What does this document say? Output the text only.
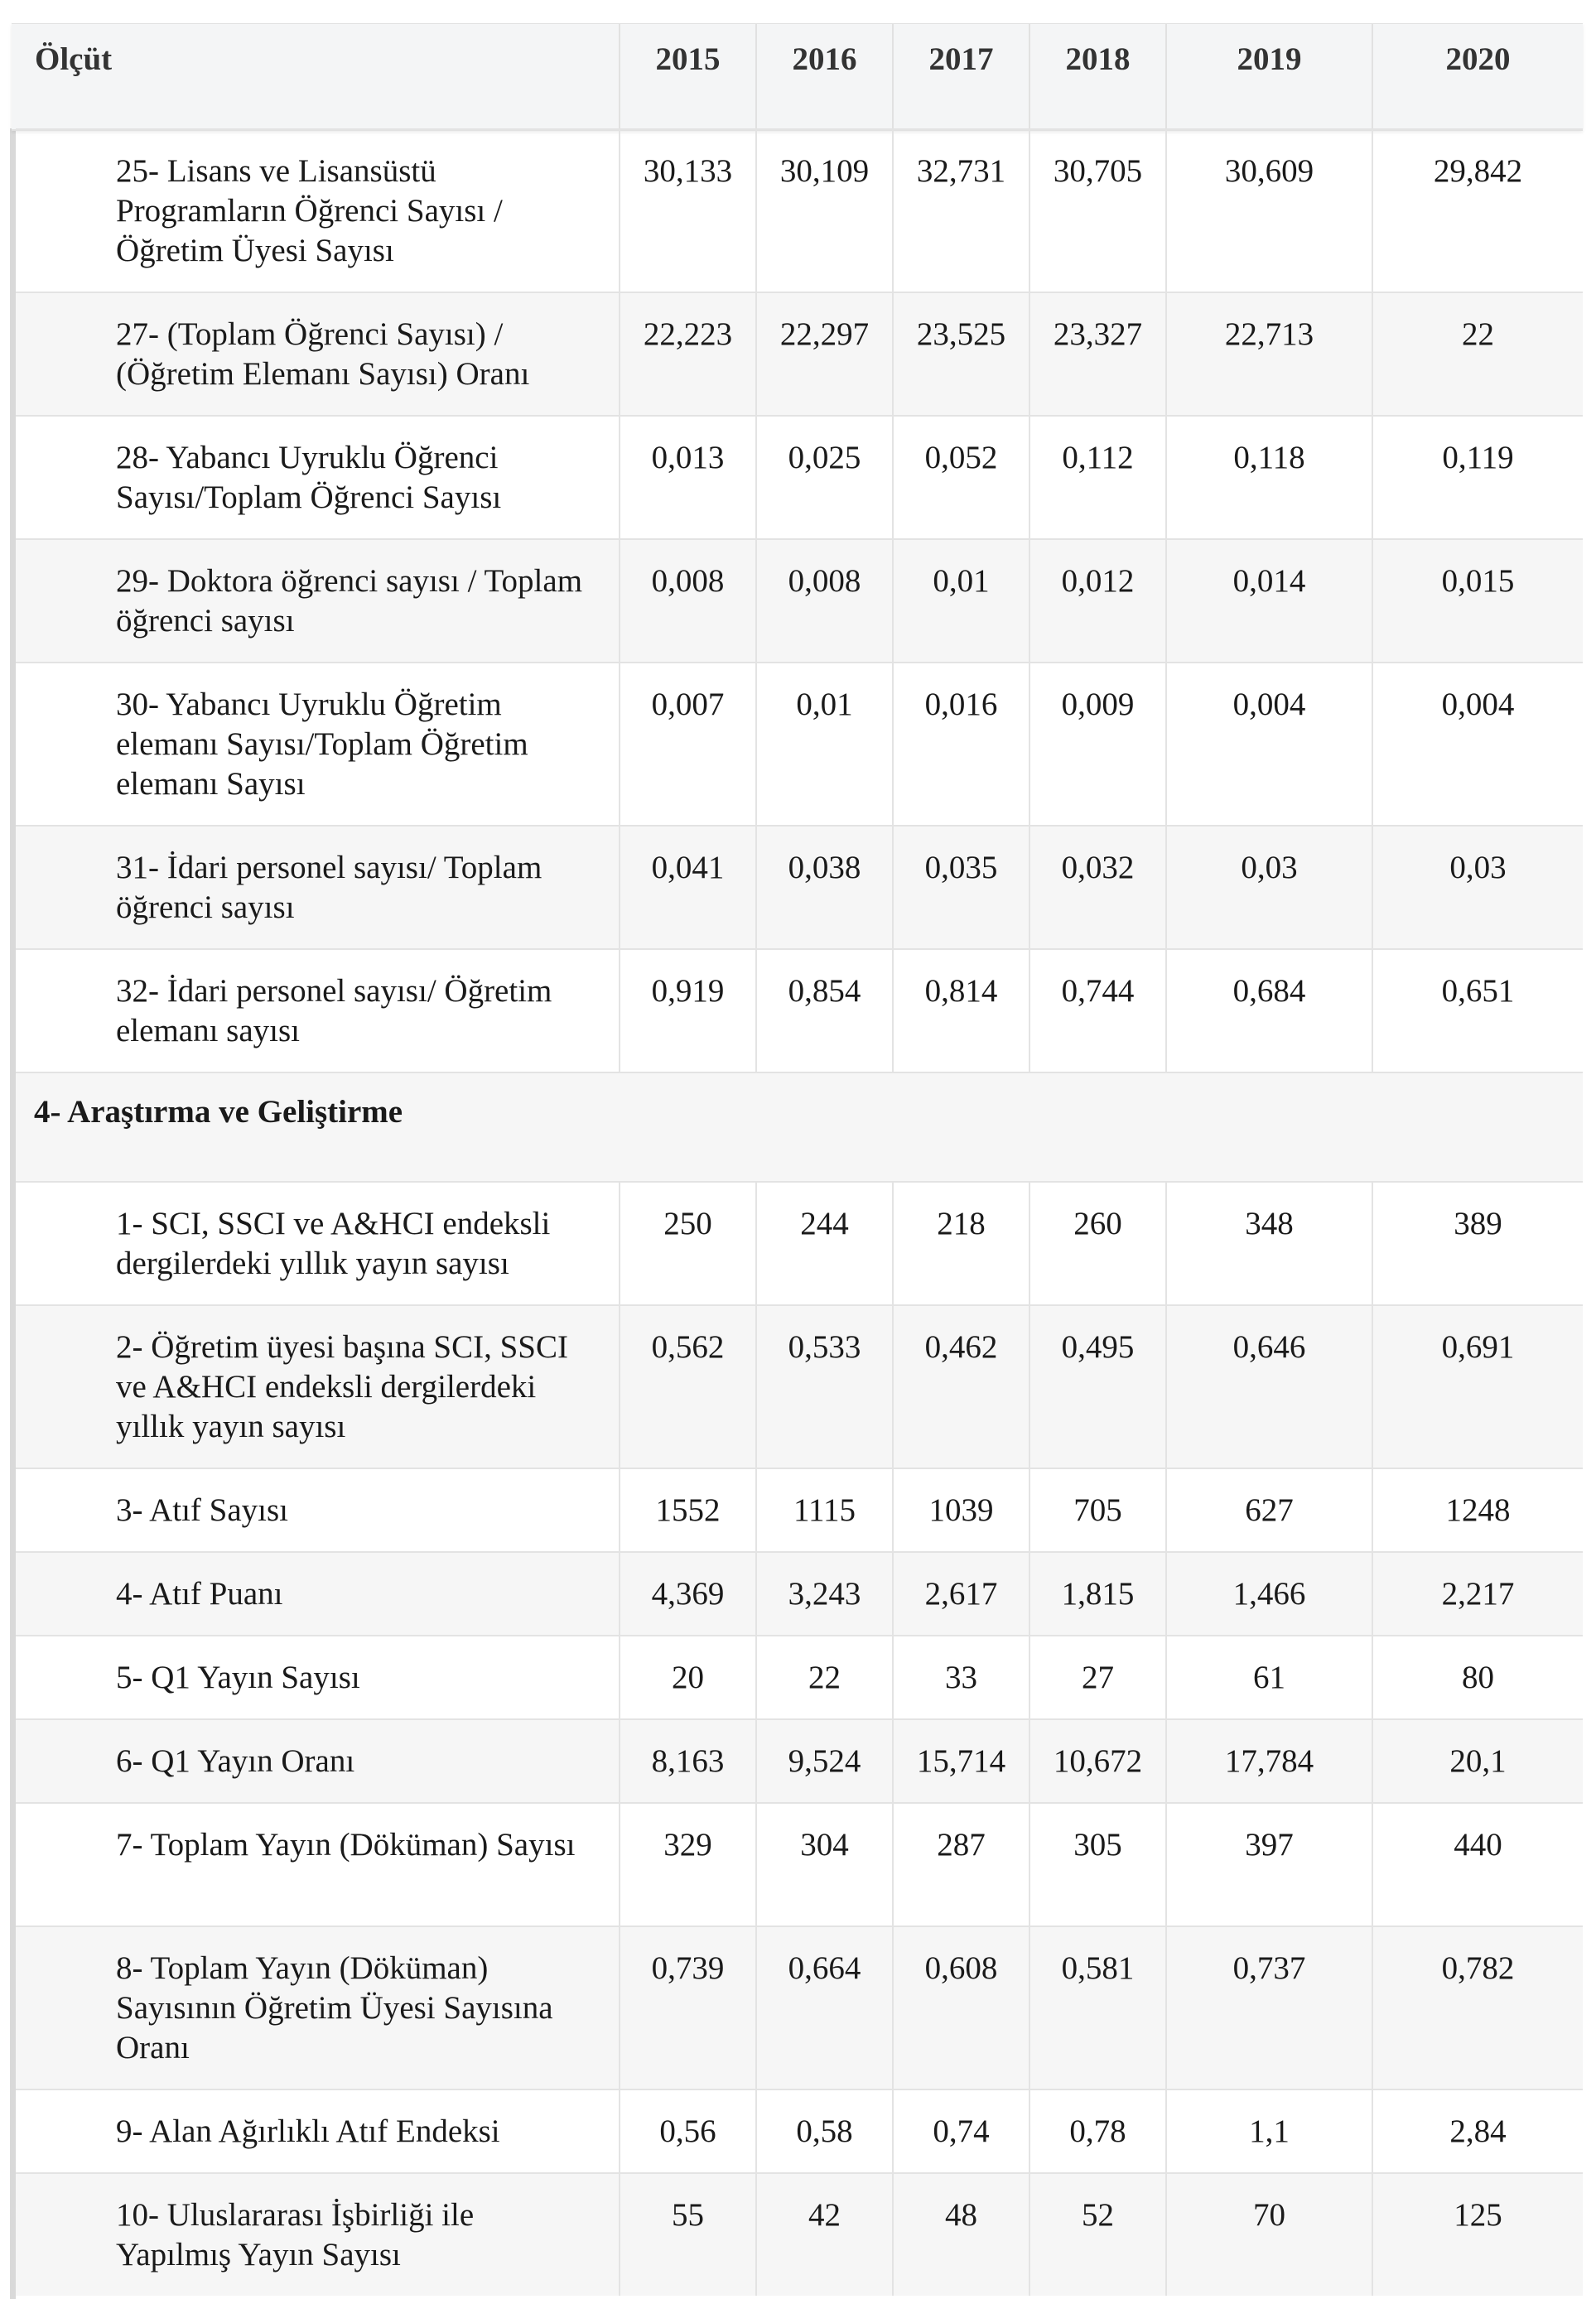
Ölçüt	2015	2016	2017	2018	2019	2020
25- Lisans ve Lisansüstü Programların Öğrenci Sayısı / Öğretim Üyesi Sayısı
30,133	30,109	32,731	30,705	30,609	29,842
27- (Toplam Öğrenci Sayısı) / (Öğretim Elemanı Sayısı) Oranı
22,223	22,297	23,525	23,327	22,713	22
28- Yabancı Uyruklu Öğrenci Sayısı/Toplam Öğrenci Sayısı
0,013	0,025	0,052	0,112	0,118	0,119
29- Doktora öğrenci sayısı / Toplam öğrenci sayısı
0,008	0,008	0,01	0,012	0,014	0,015
30- Yabancı Uyruklu Öğretim elemanı Sayısı/Toplam Öğretim elemanı Sayısı
0,007	0,01	0,016	0,009	0,004	0,004
31- İdari personel sayısı/ Toplam öğrenci sayısı
0,041	0,038	0,035	0,032	0,03	0,03
32- İdari personel sayısı/ Öğretim elemanı sayısı
0,919	0,854	0,814	0,744	0,684	0,651
4- Araştırma ve Geliştirme
1- SCI, SSCI ve A&HCI endeksli dergilerdeki yıllık yayın sayısı
250	244	218	260	348	389
2- Öğretim üyesi başına SCI, SSCI ve A&HCI endeksli dergilerdeki yıllık yayın sayısı
0,562	0,533	0,462	0,495	0,646	0,691
3- Atıf Sayısı	1552	1115	1039	705	627	1248
4- Atıf Puanı	4,369	3,243	2,617	1,815	1,466	2,217
5- Q1 Yayın Sayısı	20	22	33	27	61	80
6- Q1 Yayın Oranı	8,163	9,524	15,714	10,672	17,784	20,1
7- Toplam Yayın (Döküman) Sayısı	329	304	287	305	397	440
8- Toplam Yayın (Döküman) Sayısının Öğretim Üyesi Sayısına Oranı
0,739	0,664	0,608	0,581	0,737	0,782
9- Alan Ağırlıklı Atıf Endeksi	0,56	0,58	0,74	0,78	1,1	2,84
10- Uluslararası İşbirliği ile Yapılmış Yayın Sayısı
55	42	48	52	70	125
